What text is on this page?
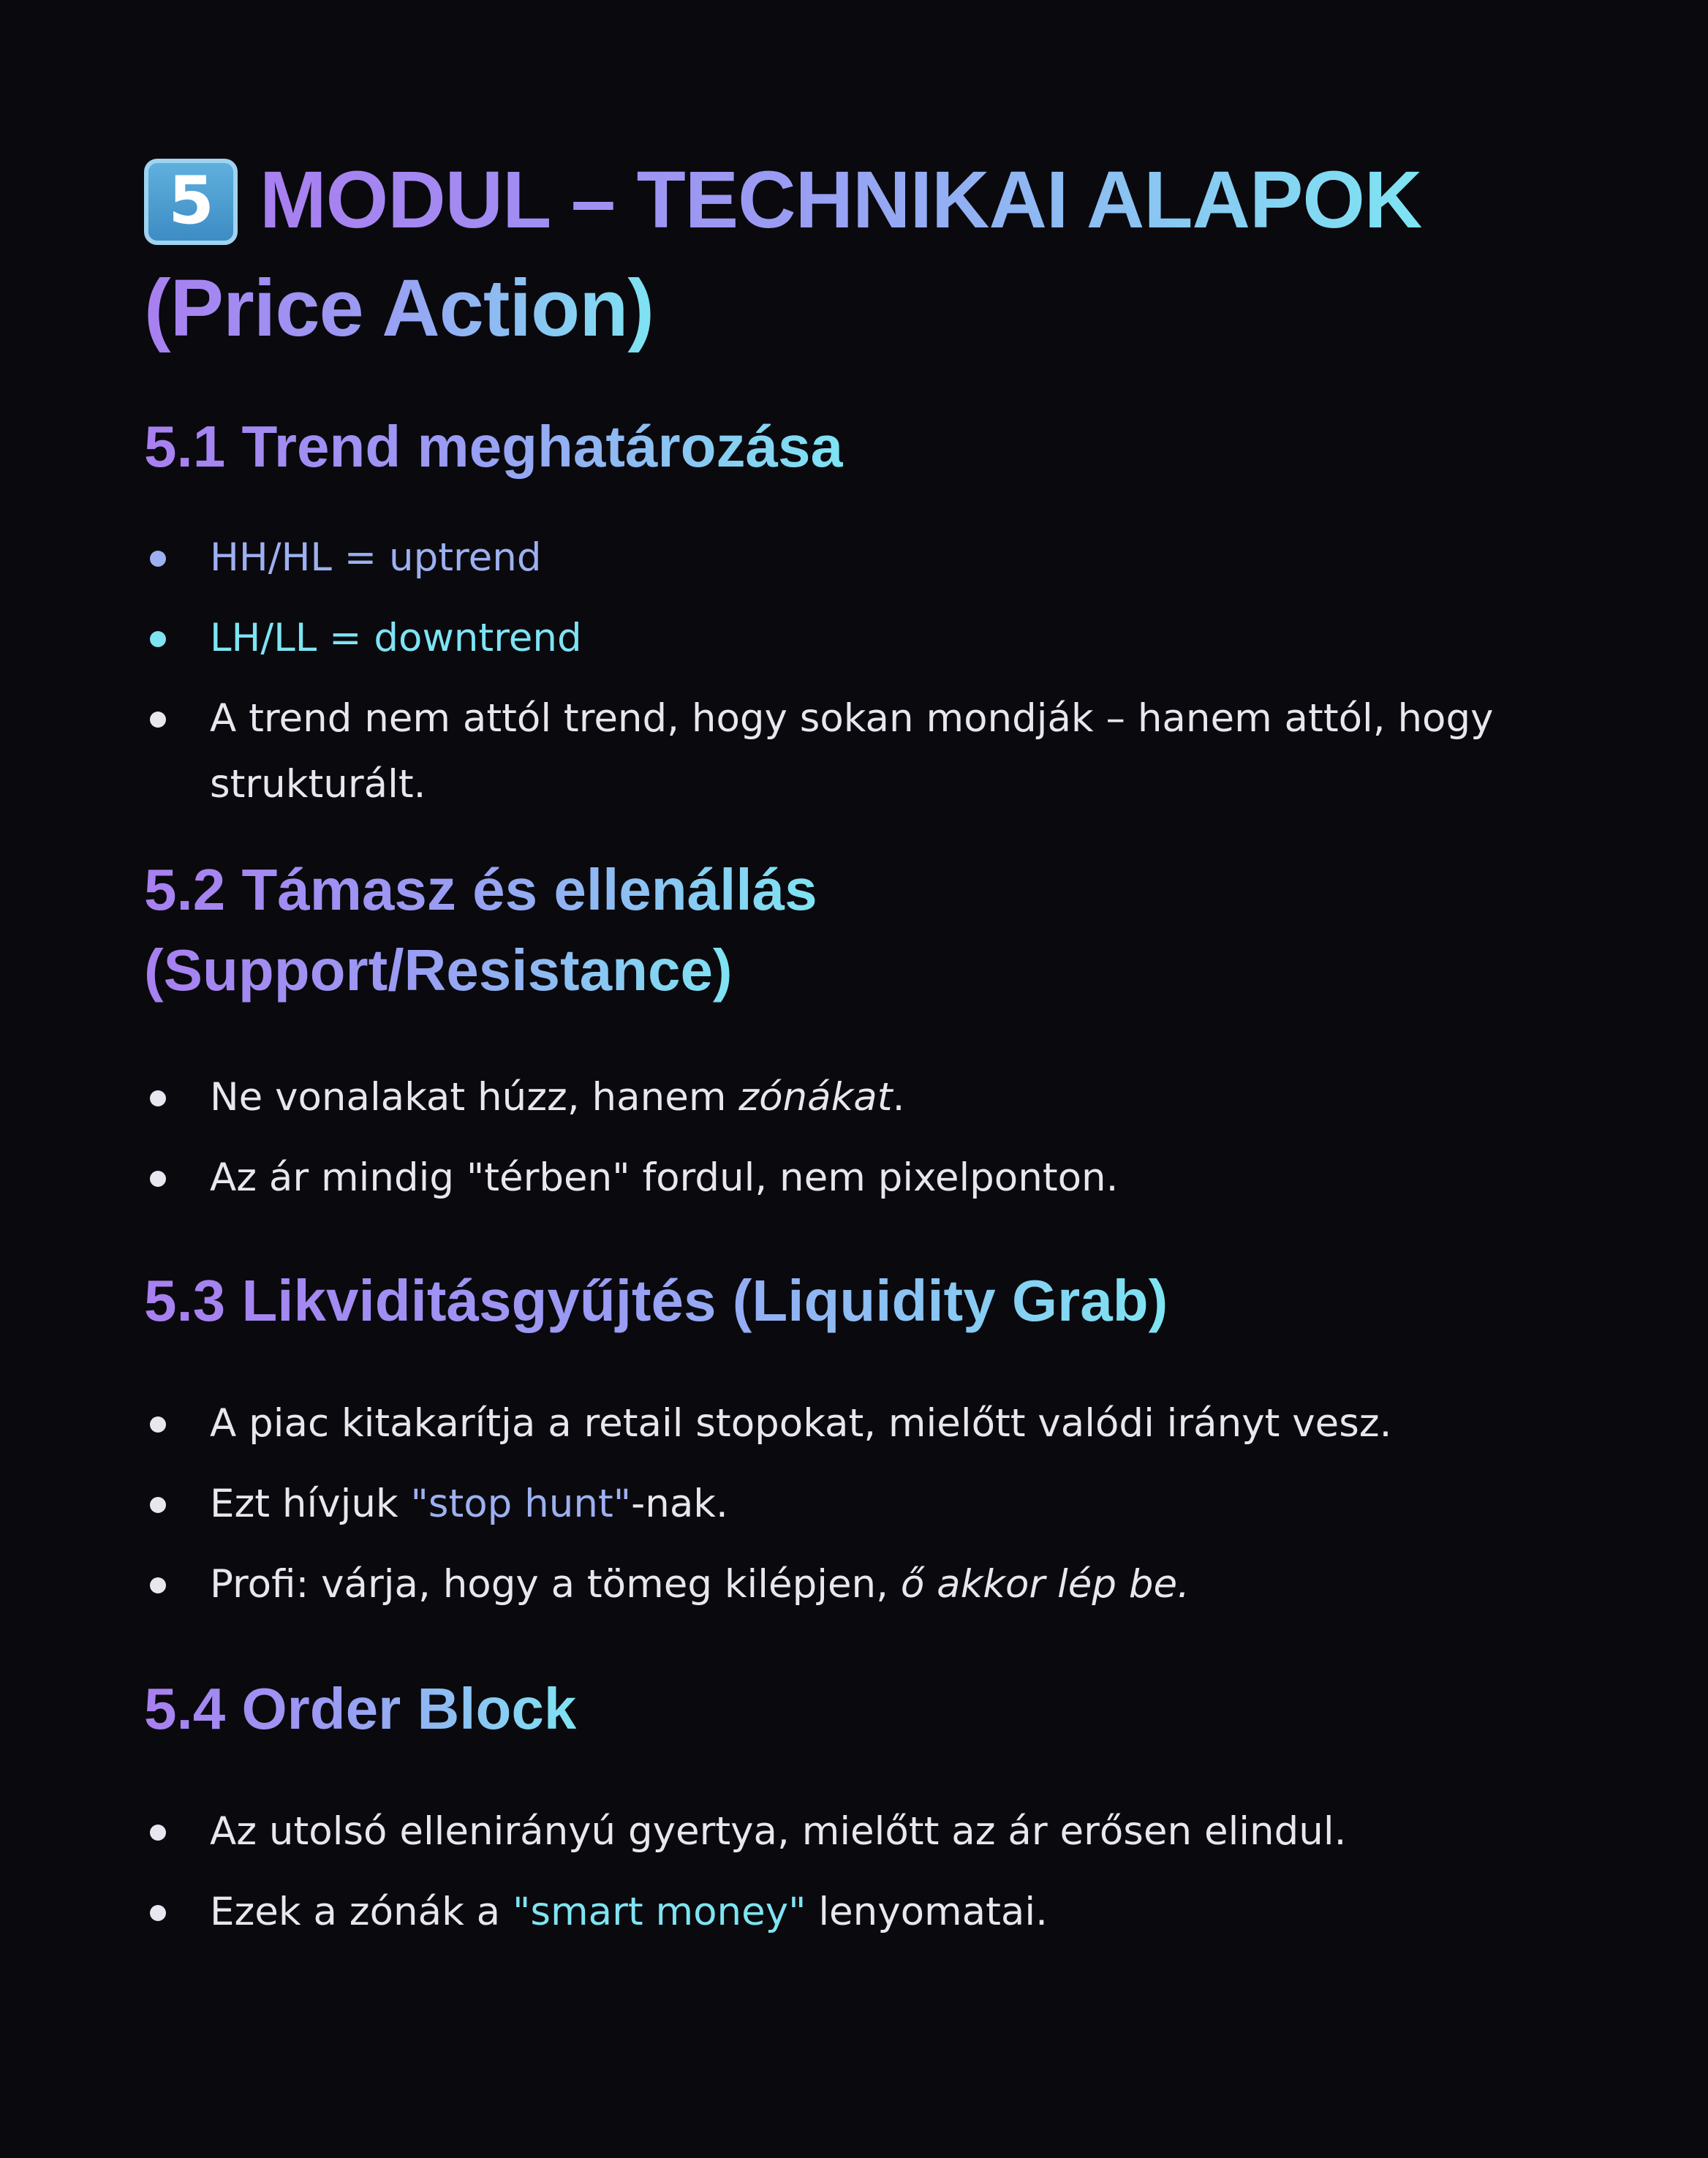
5 MODUL – TECHNIKAI ALAPOK
(Price Action)
5.1 Trend meghatározása
HH/HL = uptrend
LH/LL = downtrend
A trend nem attól trend, hogy sokan mondják – hanem attól, hogy strukturált.
5.2 Támasz és ellenállás
(Support/Resistance)
Ne vonalakat húzz, hanem zónákat.
Az ár mindig "térben" fordul, nem pixelponton.
5.3 Likviditásgyűjtés (Liquidity Grab)
A piac kitakarítja a retail stopokat, mielőtt valódi irányt vesz.
Ezt hívjuk "stop hunt"-nak.
Profi: várja, hogy a tömeg kilépjen, ő akkor lép be.
5.4 Order Block
Az utolsó ellenirányú gyertya, mielőtt az ár erősen elindul.
Ezek a zónák a "smart money" lenyomatai.
